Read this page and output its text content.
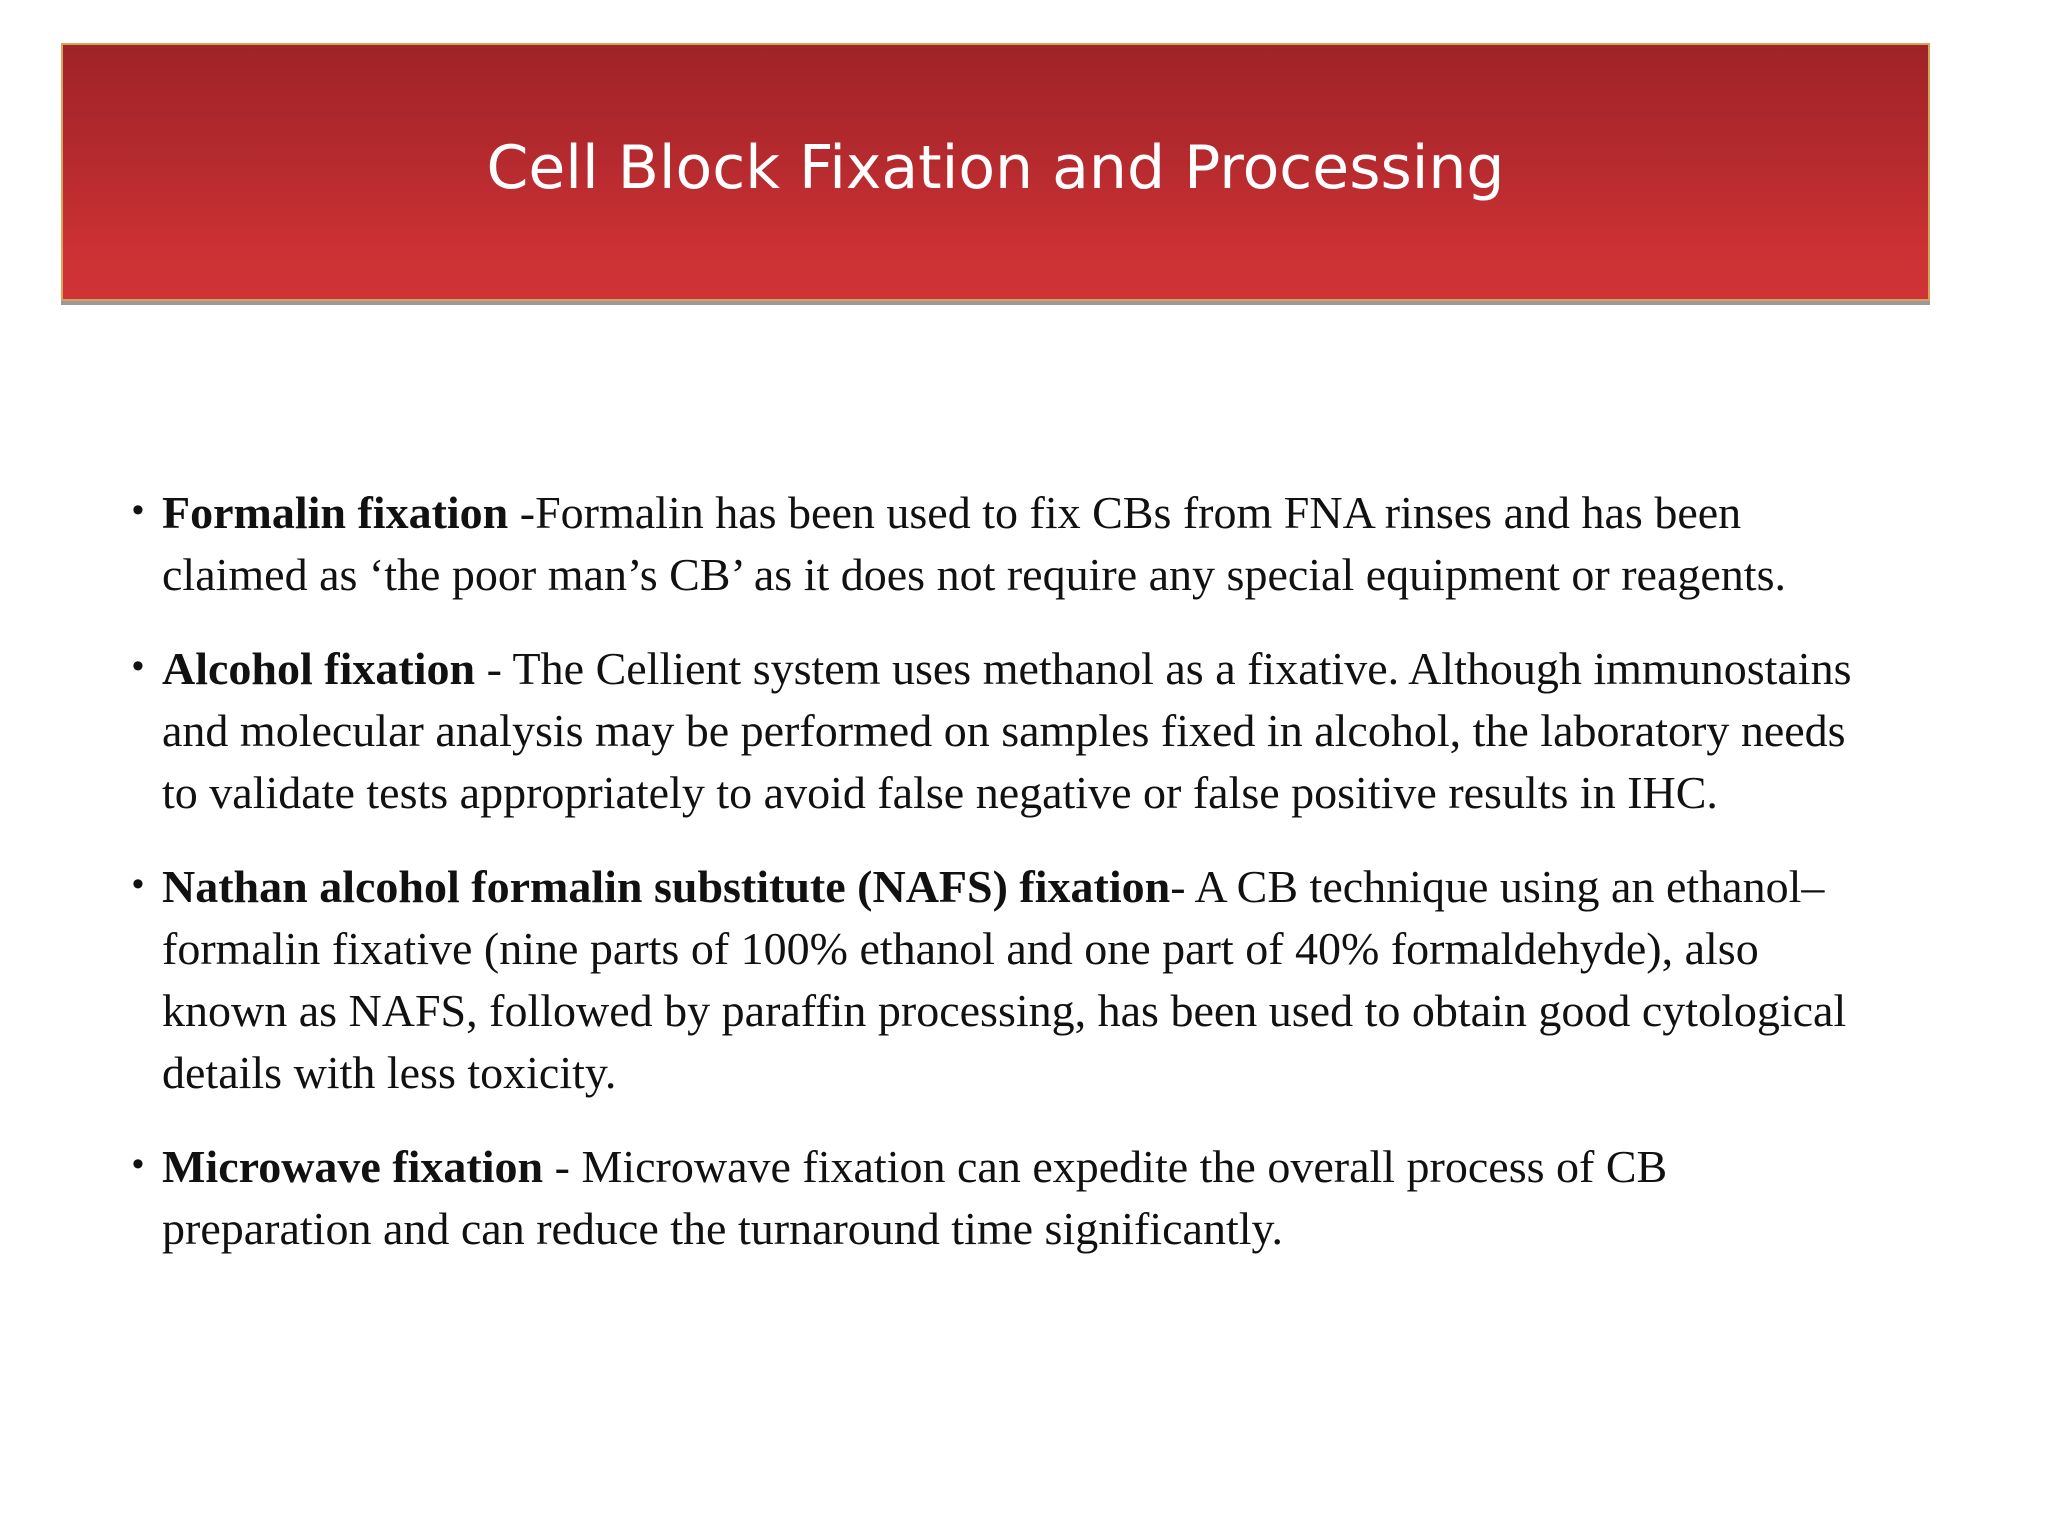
Cell Block Fixation and Processing
• Formalin fixation -Formalin has been used to fix CBs from FNA rinses and has been claimed as ‘the poor man’s CB’ as it does not require any special equipment or reagents.
• Alcohol fixation - The Cellient system uses methanol as a fixative. Although immunostains and molecular analysis may be performed on samples fixed in alcohol, the laboratory needs to validate tests appropriately to avoid false negative or false positive results in IHC.
• Nathan alcohol formalin substitute (NAFS) fixation- A CB technique using an ethanol–formalin fixative (nine parts of 100% ethanol and one part of 40% formaldehyde), also known as NAFS, followed by paraffin processing, has been used to obtain good cytological details with less toxicity.
• Microwave fixation - Microwave fixation can expedite the overall process of CB preparation and can reduce the turnaround time significantly.
